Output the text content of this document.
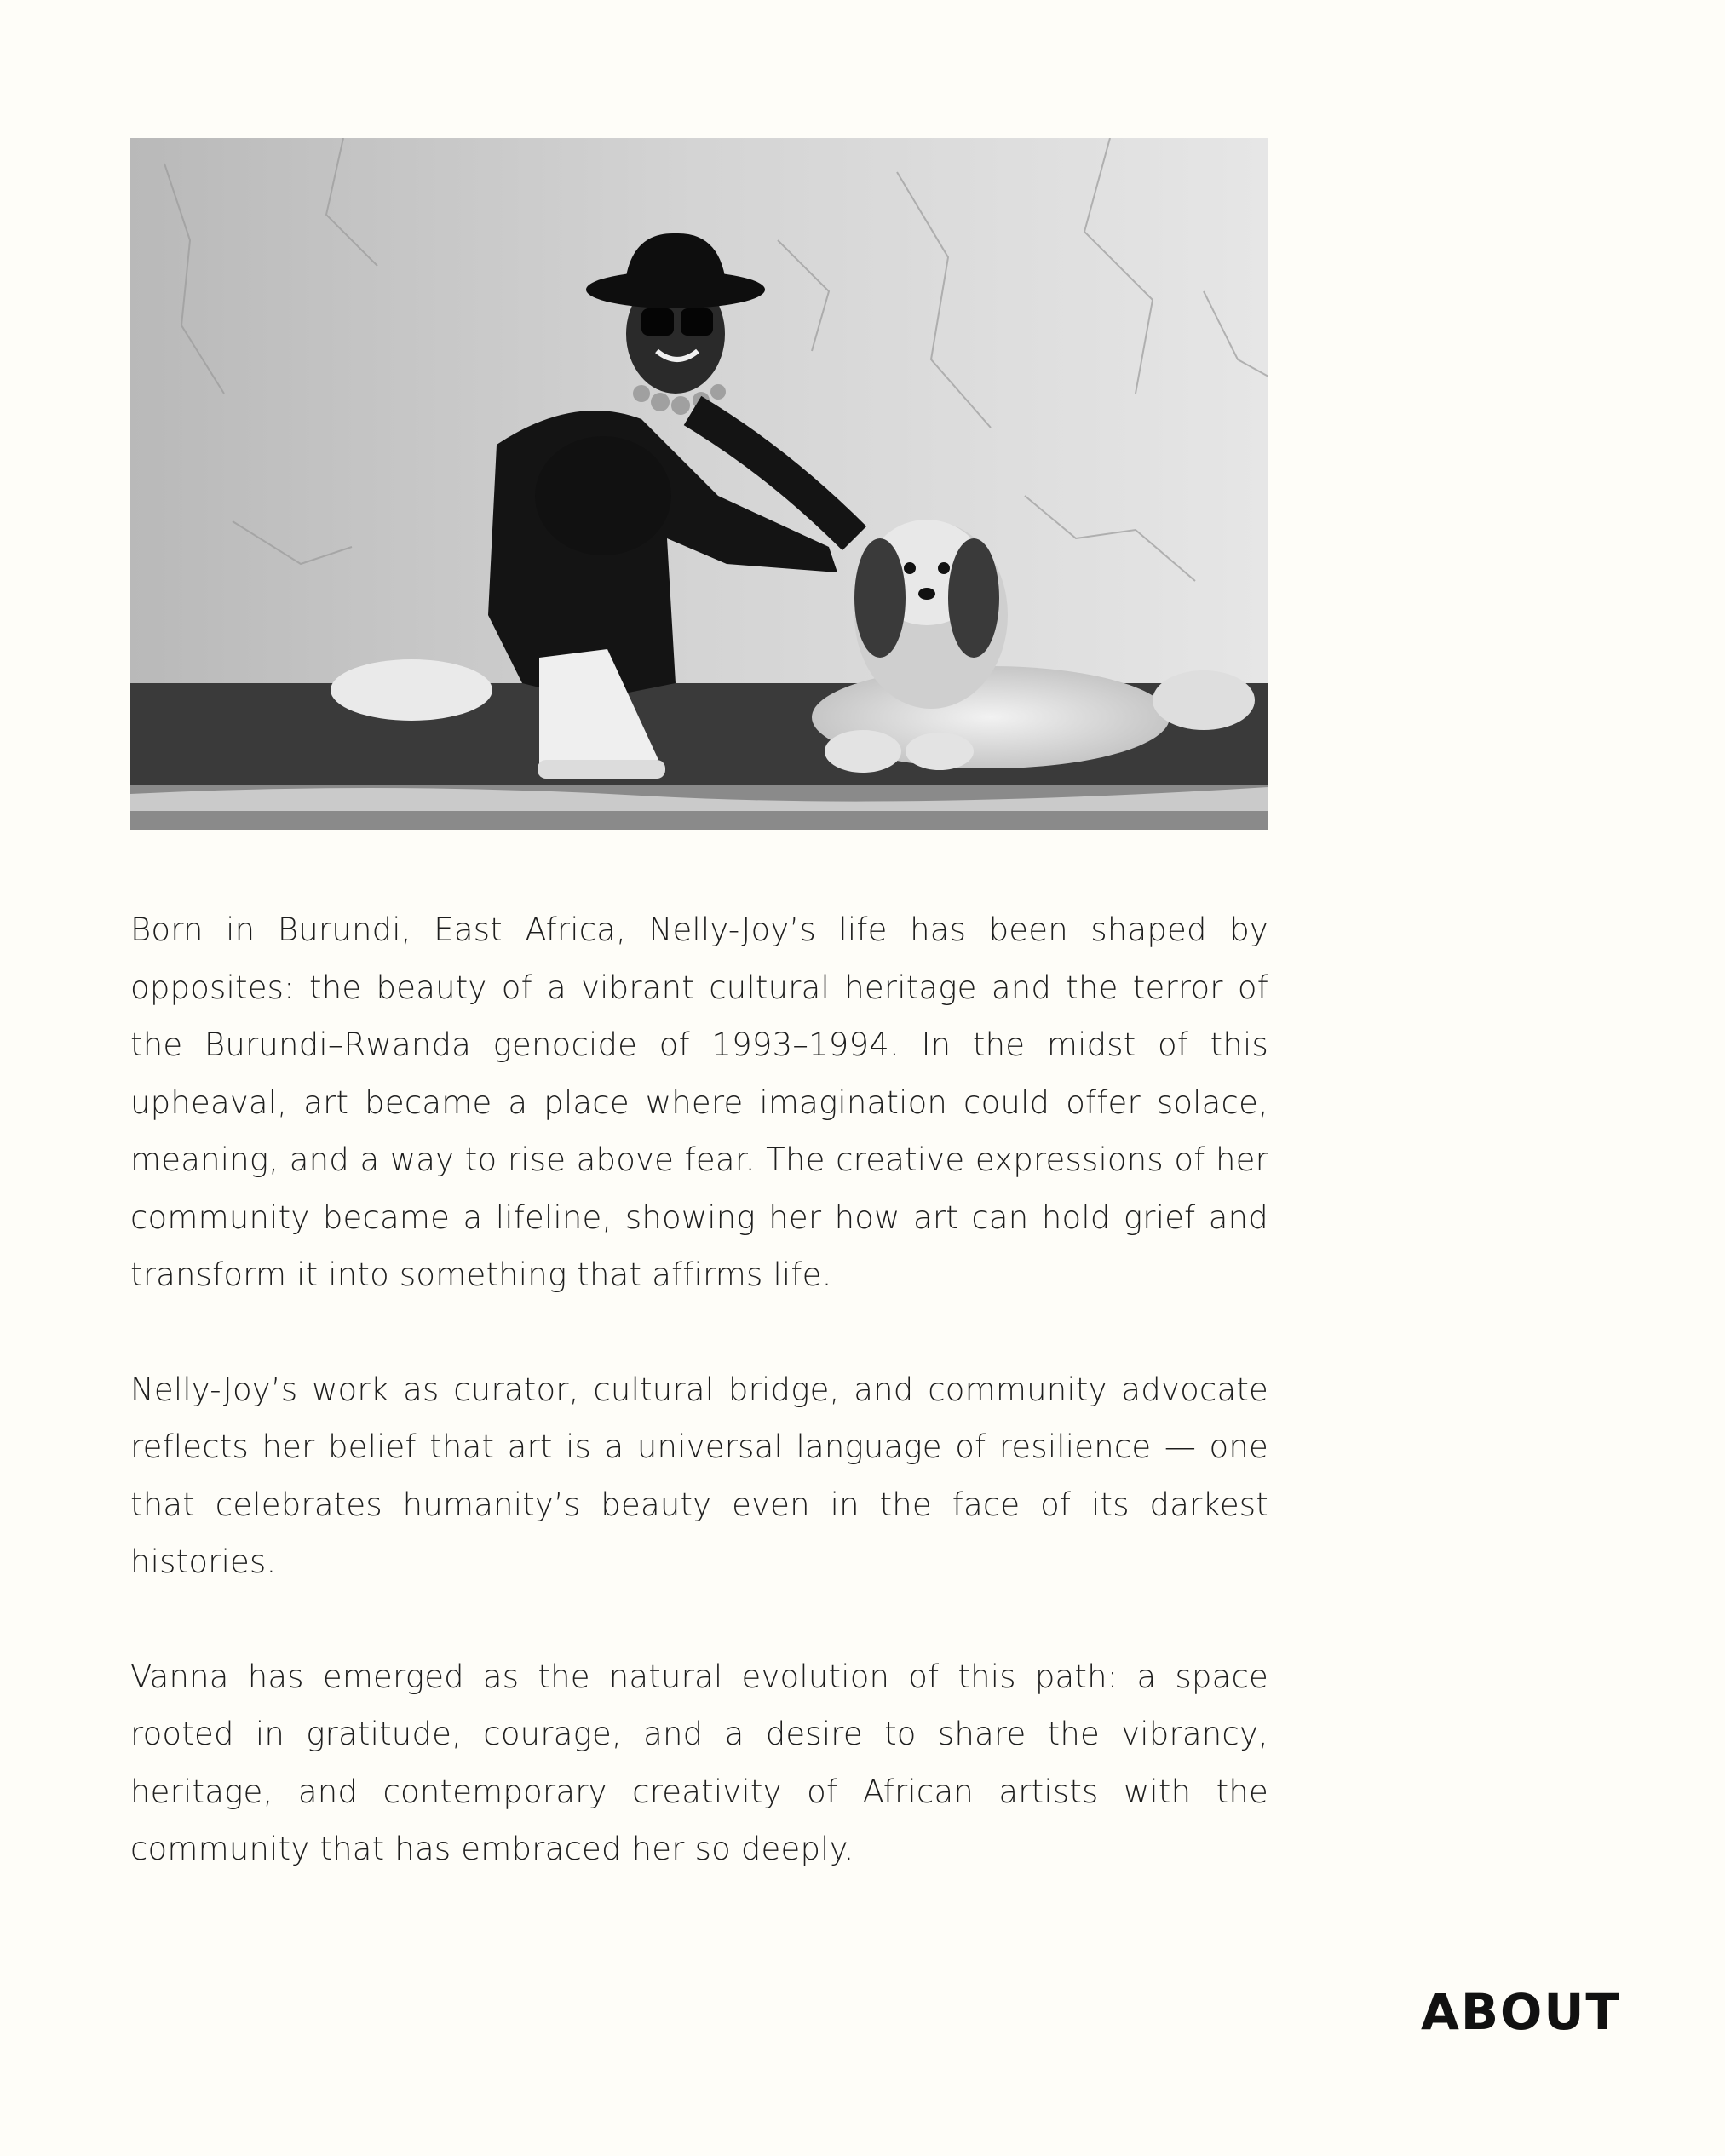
Born in Burundi, East Africa, Nelly-Joy’s life has been shaped by opposites: the beauty of a vibrant cultural heritage and the terror of the Burundi–Rwanda genocide of 1993–1994. In the midst of this upheaval, art became a place where imagination could offer solace, meaning, and a way to rise above fear. The creative expressions of her community became a lifeline, showing her how art can hold grief and transform it into something that affirms life.

Nelly-Joy’s work as curator, cultural bridge, and community advocate reflects her belief that art is a universal language of resilience — one that celebrates humanity’s beauty even in the face of its darkest histories.

Vanna has emerged as the natural evolution of this path: a space rooted in gratitude, courage, and a desire to share the vibrancy, heritage, and contemporary creativity of African artists with the community that has embraced her so deeply.

ABOUT
